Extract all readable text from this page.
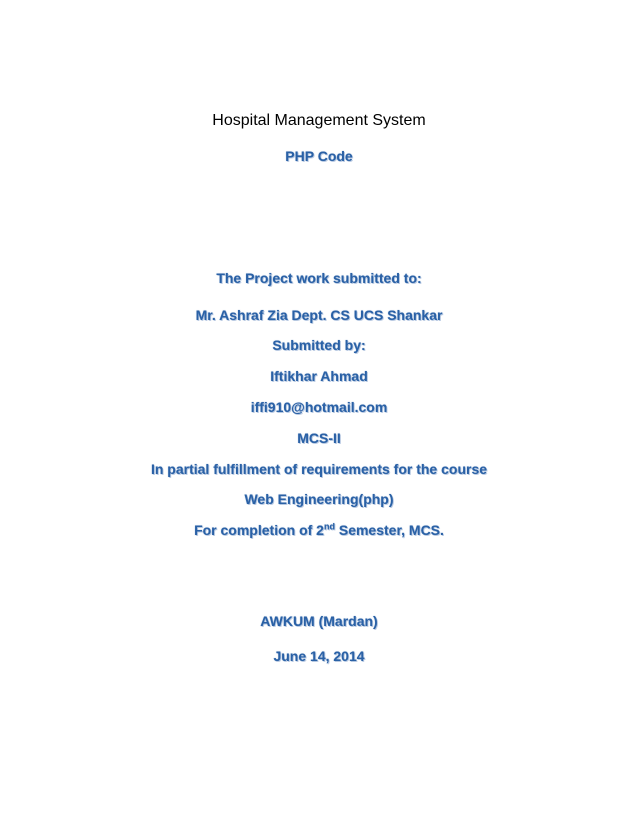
Hospital Management System
PHP Code
The Project work submitted to:
Mr. Ashraf Zia Dept. CS UCS Shankar
Submitted by:
Iftikhar Ahmad
iffi910@hotmail.com
MCS-II
In partial fulfillment of requirements for the course
Web Engineering(php)
For completion of 2nd Semester, MCS.
AWKUM (Mardan)
June 14, 2014
